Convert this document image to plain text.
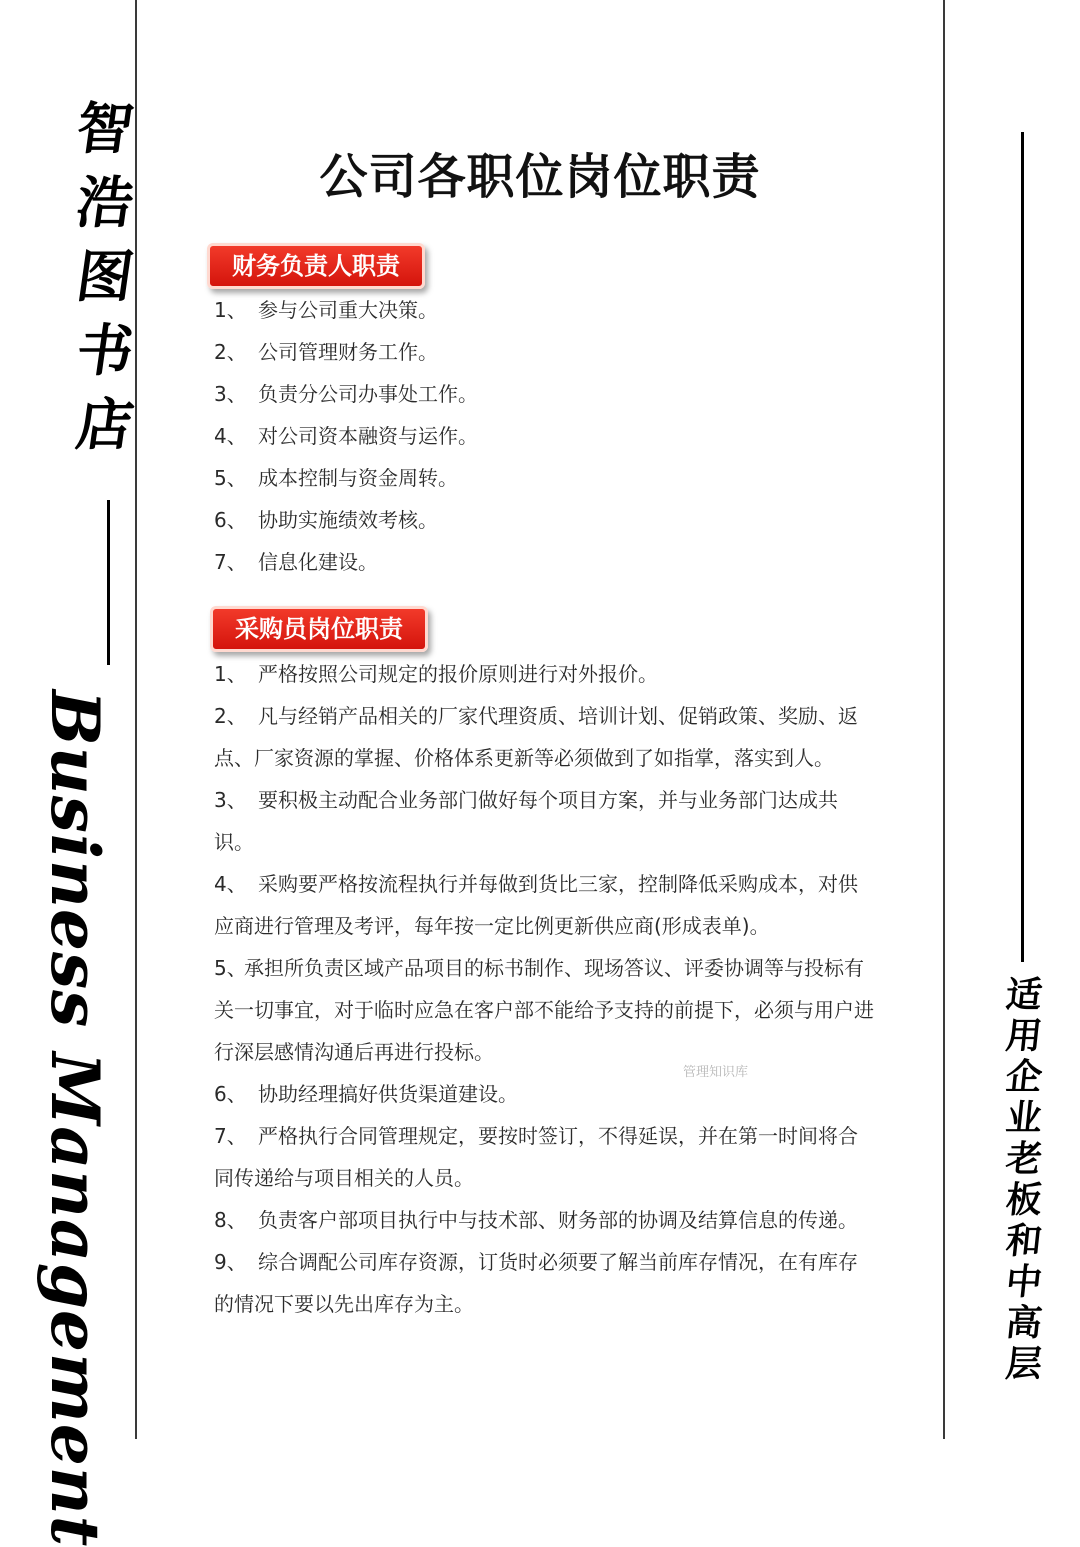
智
浩
图
书
店
Business Management	适
用
企
业
老
板
和
中
高
层
公司各职位岗位职责
财务负责人职责
1、 参与公司重大决策。
2、 公司管理财务工作。
3、 负责分公司办事处工作。
4、 对公司资本融资与运作。
5、 成本控制与资金周转。
6、 协助实施绩效考核。
7、 信息化建设。
采购员岗位职责
1、 严格按照公司规定的报价原则进行对外报价。
2、 凡与经销产品相关的厂家代理资质、培训计划、促销政策、奖励、返点、厂家资源的掌握、价格体系更新等必须做到了如指掌，落实到人。
3、 要积极主动配合业务部门做好每个项目方案，并与业务部门达成共识。
4、 采购要严格按流程执行并每做到货比三家，控制降低采购成本，对供应商进行管理及考评，每年按一定比例更新供应商(形成表单)。
5、承担所负责区域产品项目的标书制作、现场答议、评委协调等与投标有关一切事宜，对于临时应急在客户部不能给予支持的前提下，必须与用户进行深层感情沟通后再进行投标。
6、 协助经理搞好供货渠道建设。
7、 严格执行合同管理规定，要按时签订，不得延误，并在第一时间将合同传递给与项目相关的人员。
8、 负责客户部项目执行中与技术部、财务部的协调及结算信息的传递。
9、 综合调配公司库存资源，订货时必须要了解当前库存情况，在有库存的情况下要以先出库存为主。
管理知识库
